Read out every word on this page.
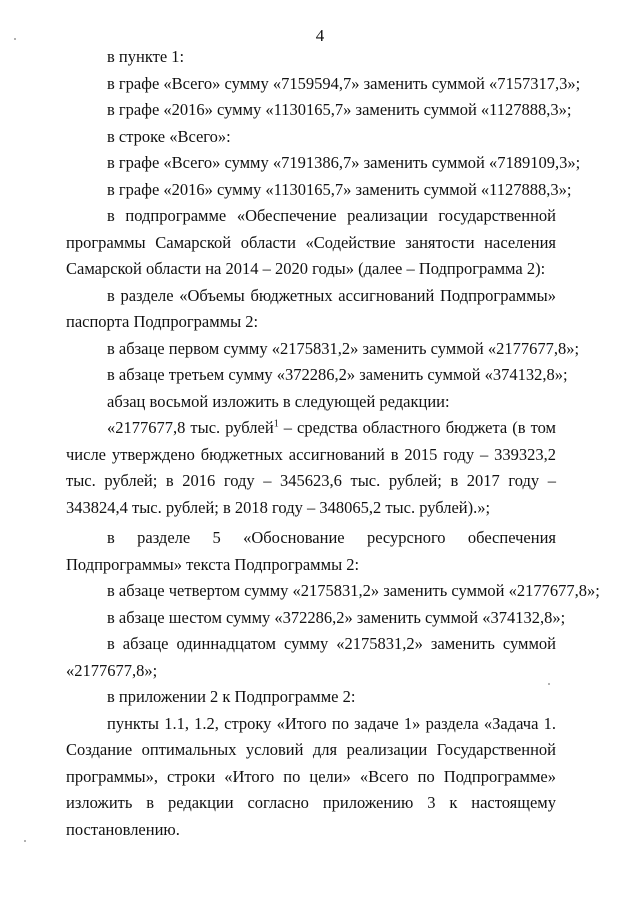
4

в пункте 1:

в графе «Всего» сумму «7159594,7» заменить суммой «7157317,3»;

в графе «2016» сумму «1130165,7» заменить суммой «1127888,3»;

в строке «Всего»:

в графе «Всего» сумму «7191386,7» заменить суммой «7189109,3»;

в графе «2016» сумму «1130165,7» заменить суммой «1127888,3»;

в подпрограмме «Обеспечение реализации государственной программы Самарской области «Содействие занятости населения Самарской области на 2014 – 2020 годы» (далее – Подпрограмма 2):

в разделе «Объемы бюджетных ассигнований Подпрограммы» паспорта Подпрограммы 2:

в абзаце первом сумму «2175831,2» заменить суммой «2177677,8»;

в абзаце третьем сумму «372286,2» заменить суммой «374132,8»;

абзац восьмой изложить в следующей редакции:

«2177677,8 тыс. рублей$^1$ – средства областного бюджета (в том числе утверждено бюджетных ассигнований в 2015 году – 339323,2 тыс. рублей; в 2016 году – 345623,6 тыс. рублей; в 2017 году – 343824,4 тыс. рублей; в 2018 году – 348065,2 тыс. рублей).»;

в разделе 5 «Обоснование ресурсного обеспечения Подпрограммы» текста Подпрограммы 2:

в абзаце четвертом сумму «2175831,2» заменить суммой «2177677,8»;

в абзаце шестом сумму «372286,2» заменить суммой «374132,8»;

в абзаце одиннадцатом сумму «2175831,2» заменить суммой «2177677,8»;

в приложении 2 к Подпрограмме 2:

пункты 1.1, 1.2, строку «Итого по задаче 1» раздела «Задача 1. Создание оптимальных условий для реализации Государственной программы», строки «Итого по цели» «Всего по Подпрограмме» изложить в редакции согласно приложению 3 к настоящему постановлению.
